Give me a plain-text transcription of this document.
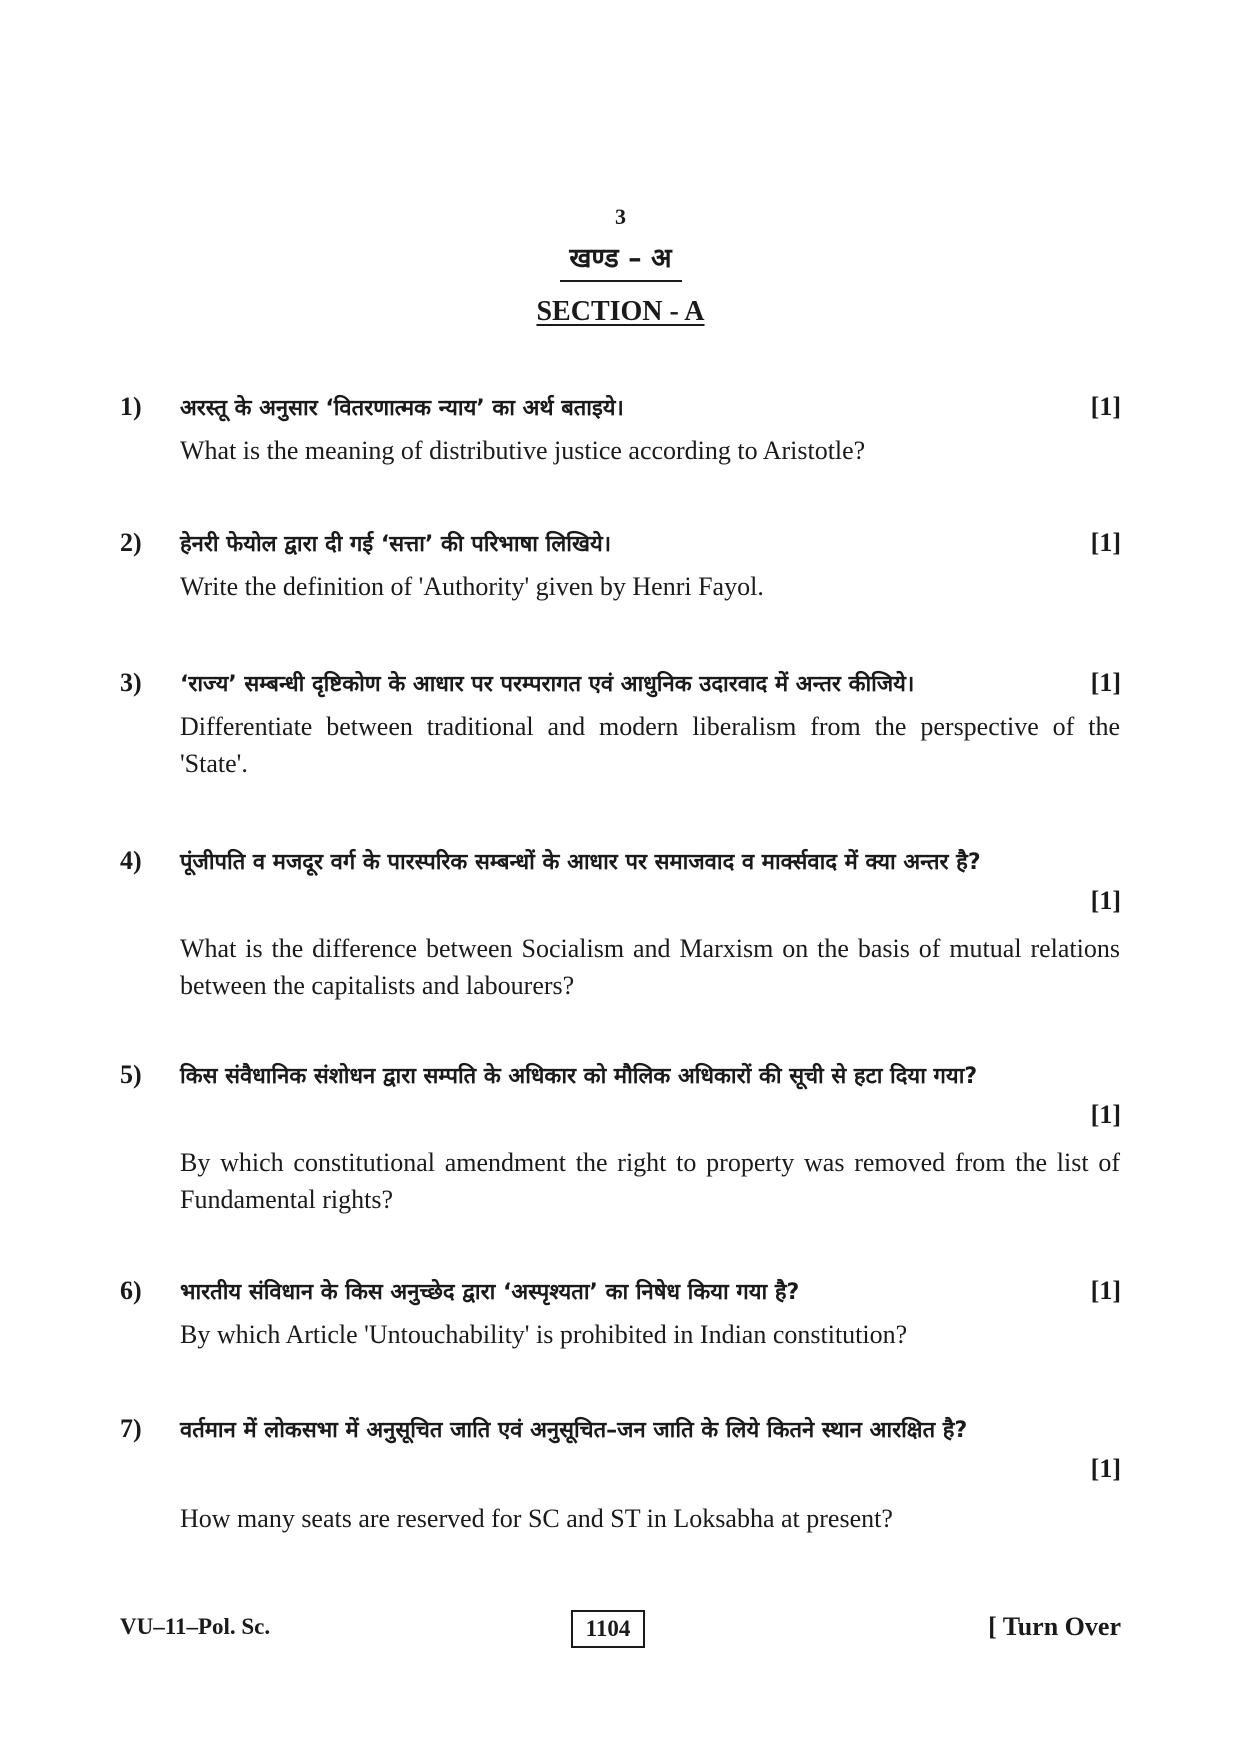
3
खण्ड – अ
SECTION - A
1) अरस्तू के अनुसार ‘वितरणात्मक न्याय’ का अर्थ बताइये।	[1]
What is the meaning of distributive justice according to Aristotle?
2) हेनरी फेयोल द्वारा दी गई ‘सत्ता’ की परिभाषा लिखिये।	[1]
Write the definition of 'Authority' given by Henri Fayol.
3) ‘राज्य’ सम्बन्धी दृष्टिकोण के आधार पर परम्परागत एवं आधुनिक उदारवाद में अन्तर कीजिये।	[1]
Differentiate between traditional and modern liberalism from the perspective of the 'State'.
4) पूंजीपति व मजदूर वर्ग के पारस्परिक सम्बन्धों के आधार पर समाजवाद व मार्क्सवाद में क्या अन्तर है?
[1]
What is the difference between Socialism and Marxism on the basis of mutual relations between the capitalists and labourers?
5) किस संवैधानिक संशोधन द्वारा सम्पति के अधिकार को मौलिक अधिकारों की सूची से हटा दिया गया?
[1]
By which constitutional amendment the right to property was removed from the list of Fundamental rights?
6) भारतीय संविधान के किस अनुच्छेद द्वारा ‘अस्पृश्यता’ का निषेध किया गया है?	[1]
By which Article 'Untouchability' is prohibited in Indian constitution?
7) वर्तमान में लोकसभा में अनुसूचित जाति एवं अनुसूचित–जन जाति के लिये कितने स्थान आरक्षित है?
[1]
How many seats are reserved for SC and ST in Loksabha at present?
VU–11–Pol. Sc.	1104	[ Turn Over
